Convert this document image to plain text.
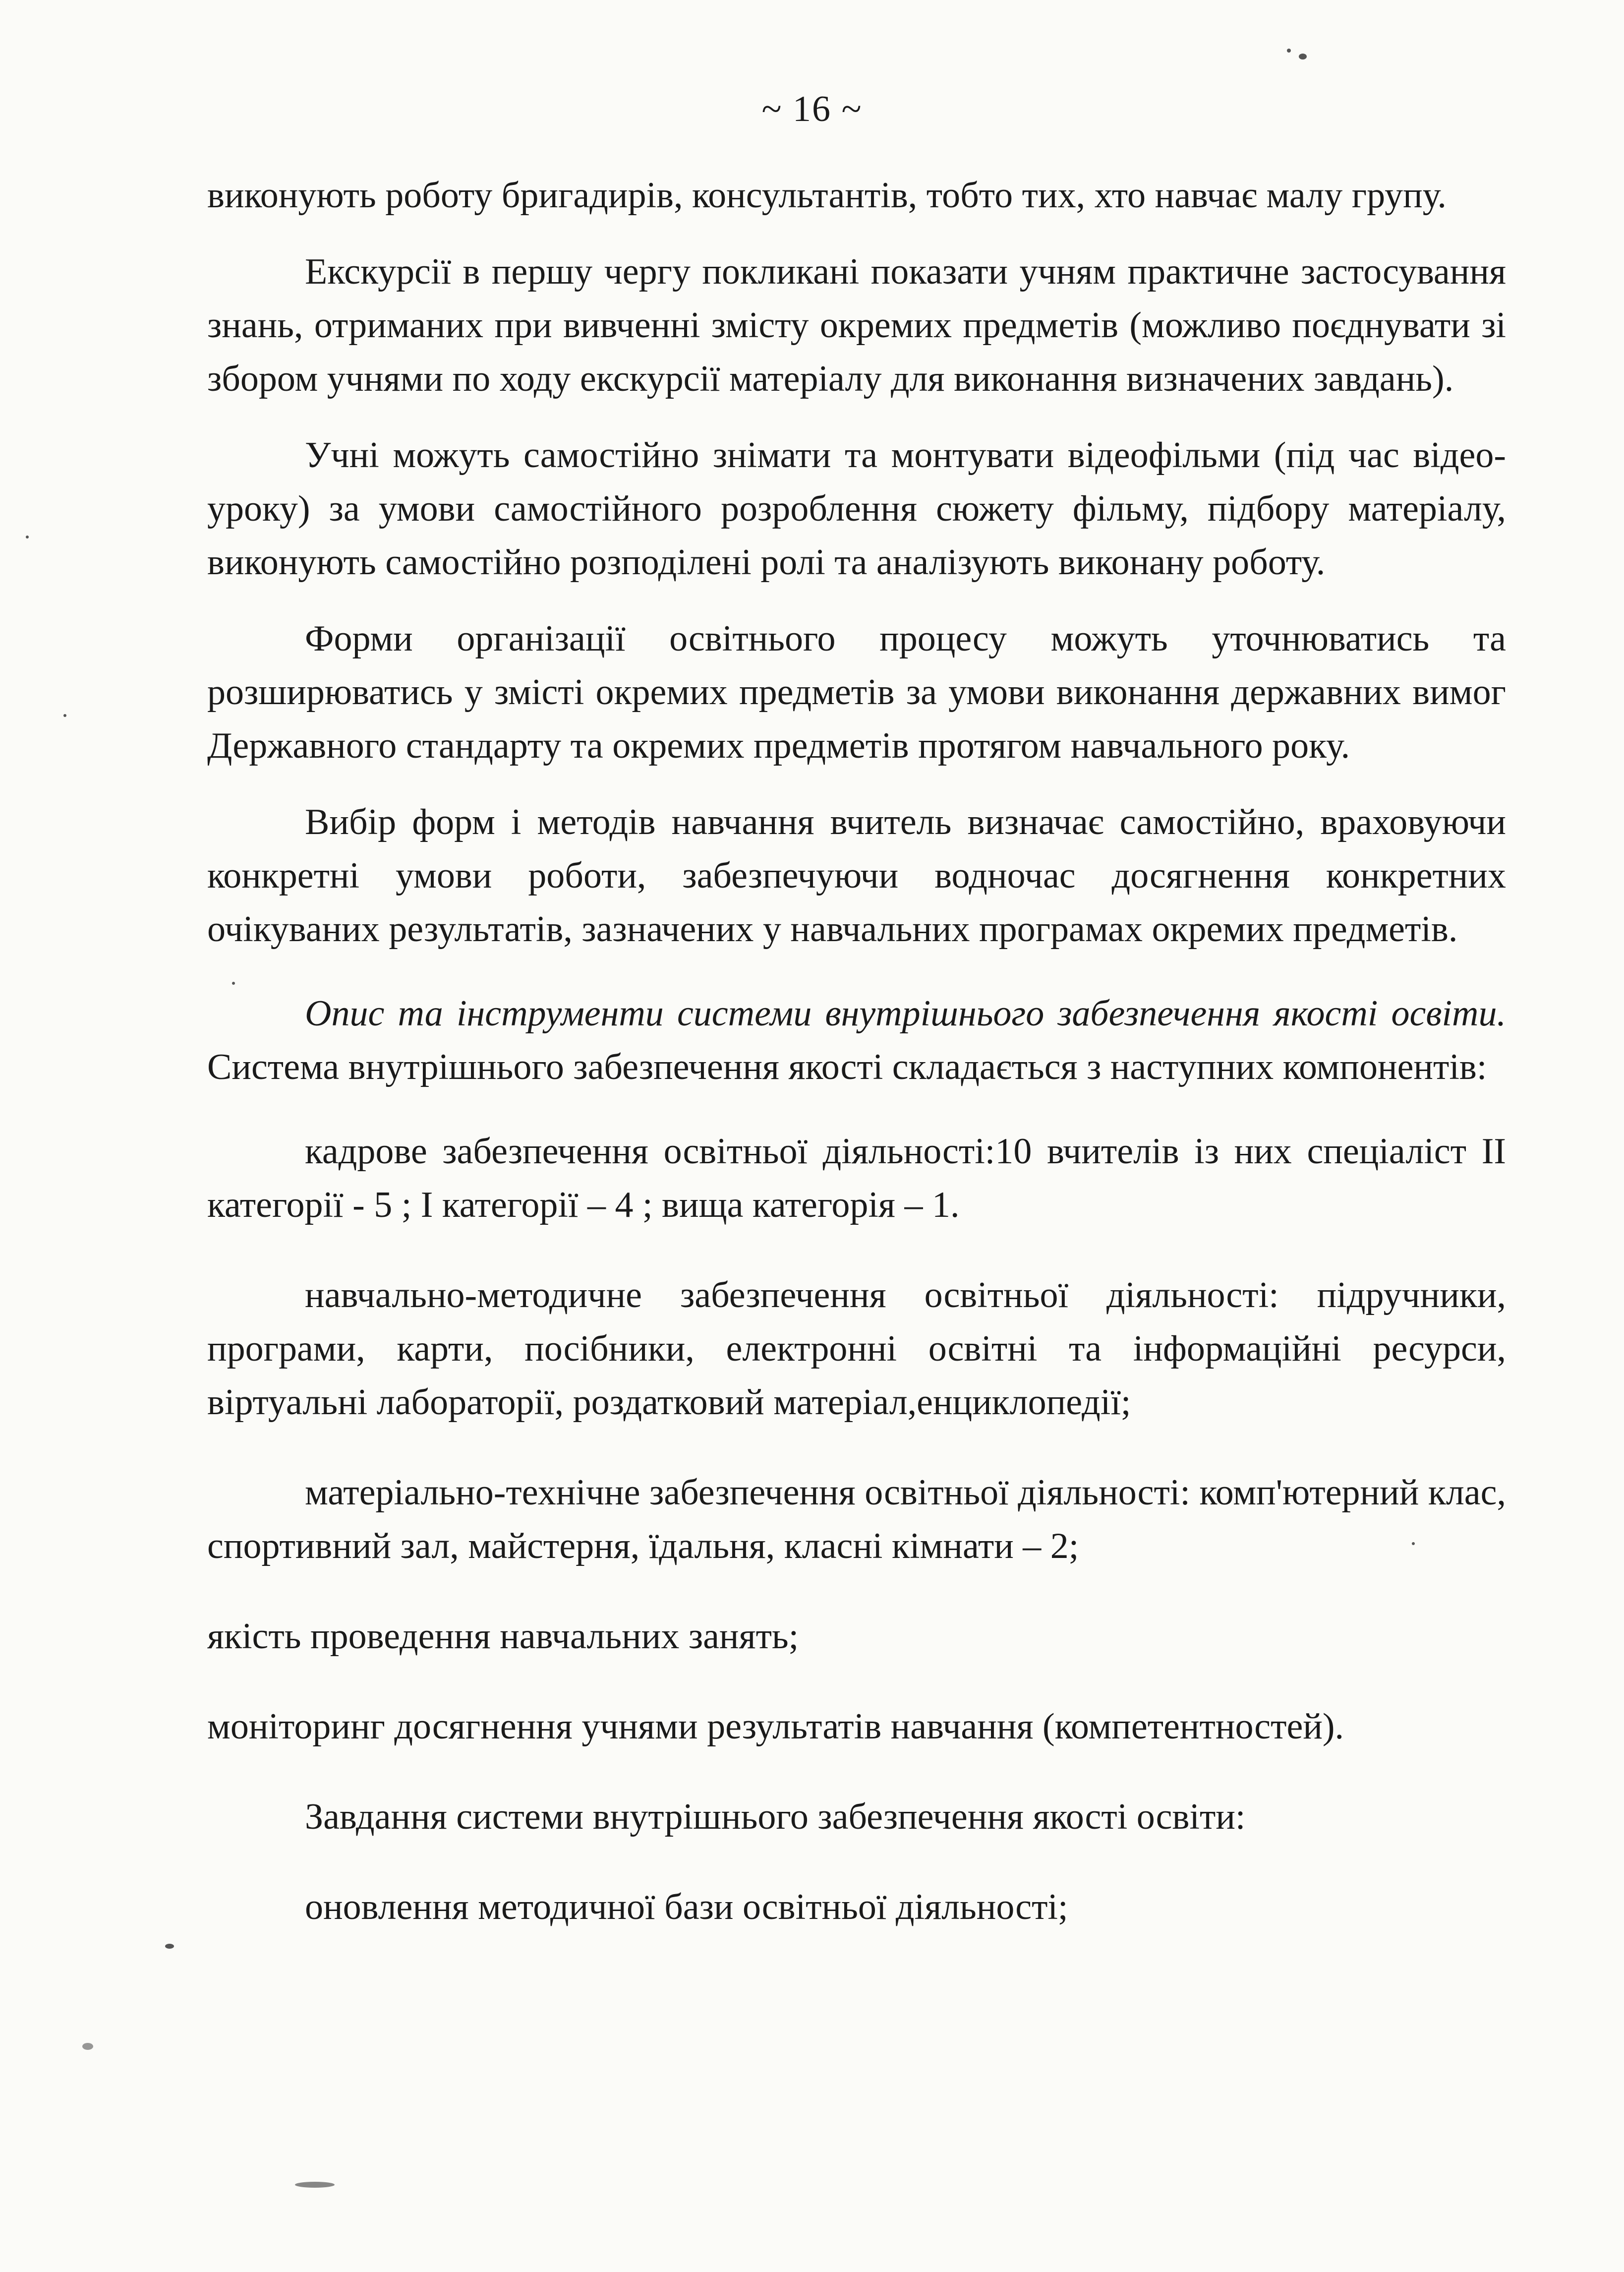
~ 16 ~

виконують роботу бригадирів, консультантів, тобто тих, хто навчає малу групу.

Екскурсії в першу чергу покликані показати учням практичне застосування знань, отриманих при вивченні змісту окремих предметів (можливо поєднувати зі збором учнями по ходу екскурсії матеріалу для виконання визначених завдань).

Учні можуть самостійно знімати та монтувати відеофільми (під час відео-уроку) за умови самостійного розроблення сюжету фільму, підбору матеріалу, виконують самостійно розподілені ролі та аналізують виконану роботу.

Форми організації освітнього процесу можуть уточнюватись та розширюватись у змісті окремих предметів за умови виконання державних вимог Державного стандарту та окремих предметів протягом навчального року.

Вибір форм і методів навчання вчитель визначає самостійно, враховуючи конкретні умови роботи, забезпечуючи водночас досягнення конкретних очікуваних результатів, зазначених у навчальних програмах окремих предметів.

Опис та інструменти системи внутрішнього забезпечення якості освіти. Система внутрішнього забезпечення якості складається з наступних компонентів:

кадрове забезпечення освітньої діяльності:10 вчителів із них спеціаліст ІІ категорії - 5 ; І категорії – 4 ; вища категорія – 1.

навчально-методичне забезпечення освітньої діяльності: підручники, програми, карти, посібники, електронні освітні та інформаційні ресурси, віртуальні лабораторії, роздатковий матеріал,енциклопедії;

матеріально-технічне забезпечення освітньої діяльності: комп'ютерний клас, спортивний зал, майстерня, їдальня, класні кімнати – 2;

якість проведення навчальних занять;

моніторинг досягнення учнями результатів навчання (компетентностей).

Завдання системи внутрішнього забезпечення якості освіти:

оновлення методичної бази освітньої діяльності;
